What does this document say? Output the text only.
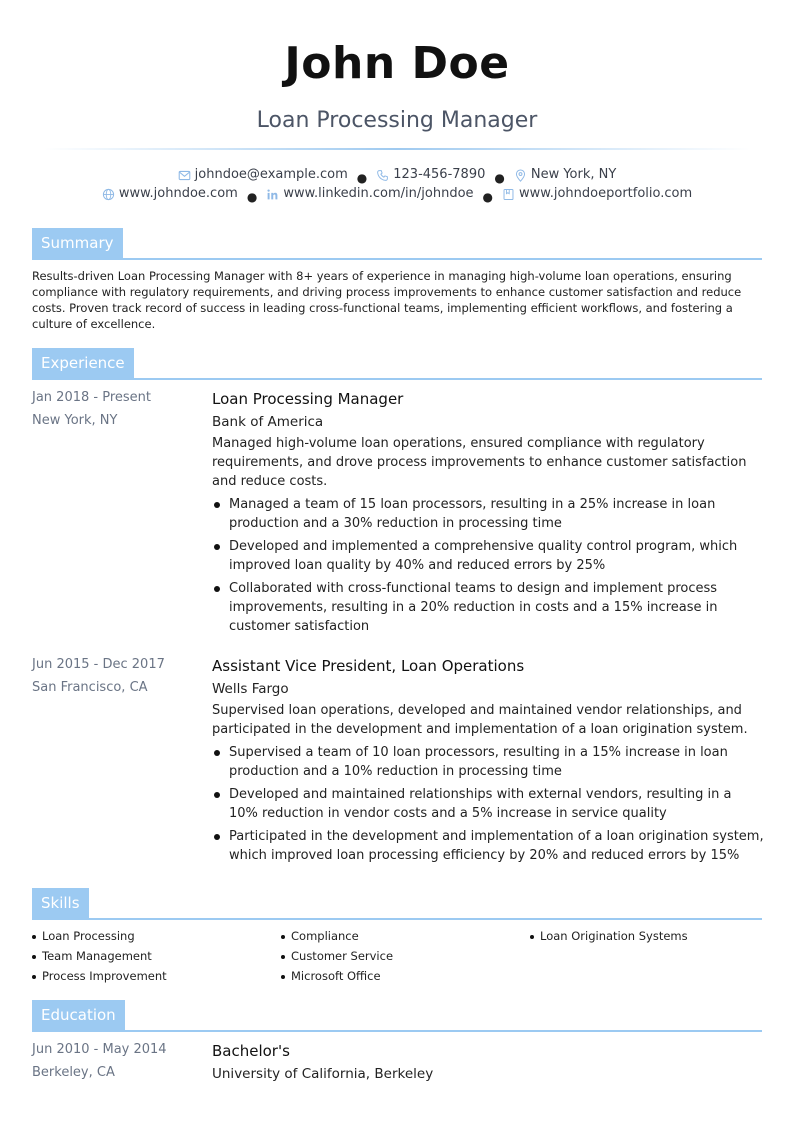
John Doe
Loan Processing Manager
johndoe@example.com ● 123-456-7890 ● New York, NY
www.johndoe.com ● www.linkedin.com/in/johndoe ● www.johndoeportfolio.com
Summary
Results-driven Loan Processing Manager with 8+ years of experience in managing high-volume loan operations, ensuring compliance with regulatory requirements, and driving process improvements to enhance customer satisfaction and reduce costs. Proven track record of success in leading cross-functional teams, implementing efficient workflows, and fostering a culture of excellence.
Experience
Jan 2018 - Present
New York, NY
Loan Processing Manager
Bank of America
Managed high-volume loan operations, ensured compliance with regulatory requirements, and drove process improvements to enhance customer satisfaction and reduce costs.
Managed a team of 15 loan processors, resulting in a 25% increase in loan production and a 30% reduction in processing time
Developed and implemented a comprehensive quality control program, which improved loan quality by 40% and reduced errors by 25%
Collaborated with cross-functional teams to design and implement process improvements, resulting in a 20% reduction in costs and a 15% increase in customer satisfaction
Jun 2015 - Dec 2017
San Francisco, CA
Assistant Vice President, Loan Operations
Wells Fargo
Supervised loan operations, developed and maintained vendor relationships, and participated in the development and implementation of a loan origination system.
Supervised a team of 10 loan processors, resulting in a 15% increase in loan production and a 10% reduction in processing time
Developed and maintained relationships with external vendors, resulting in a 10% reduction in vendor costs and a 5% increase in service quality
Participated in the development and implementation of a loan origination system, which improved loan processing efficiency by 20% and reduced errors by 15%
Skills
Loan Processing	Compliance	Loan Origination Systems
Team Management	Customer Service
Process Improvement	Microsoft Office
Education
Jun 2010 - May 2014
Berkeley, CA
Bachelor's
University of California, Berkeley
